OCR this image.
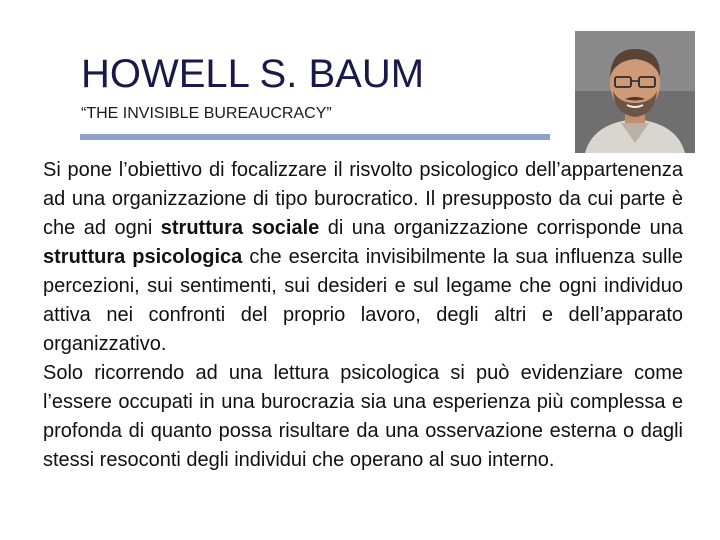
HOWELL S. BAUM
“THE INVISIBLE BUREAUCRACY”

Si pone l’obiettivo di focalizzare il risvolto psicologico dell’appartenenza ad una organizzazione di tipo burocratico. Il presupposto da cui parte è che ad ogni struttura sociale di una organizzazione corrisponde una struttura psicologica che esercita invisibilmente la sua influenza sulle percezioni, sui sentimenti, sui desideri e sul legame che ogni individuo attiva nei confronti del proprio lavoro, degli altri e dell’apparato organizzativo.

Solo ricorrendo ad una lettura psicologica si può evidenziare come l’essere occupati in una burocrazia sia una esperienza più complessa e profonda di quanto possa risultare da una osservazione esterna o dagli stessi resoconti degli individui che operano al suo interno.
